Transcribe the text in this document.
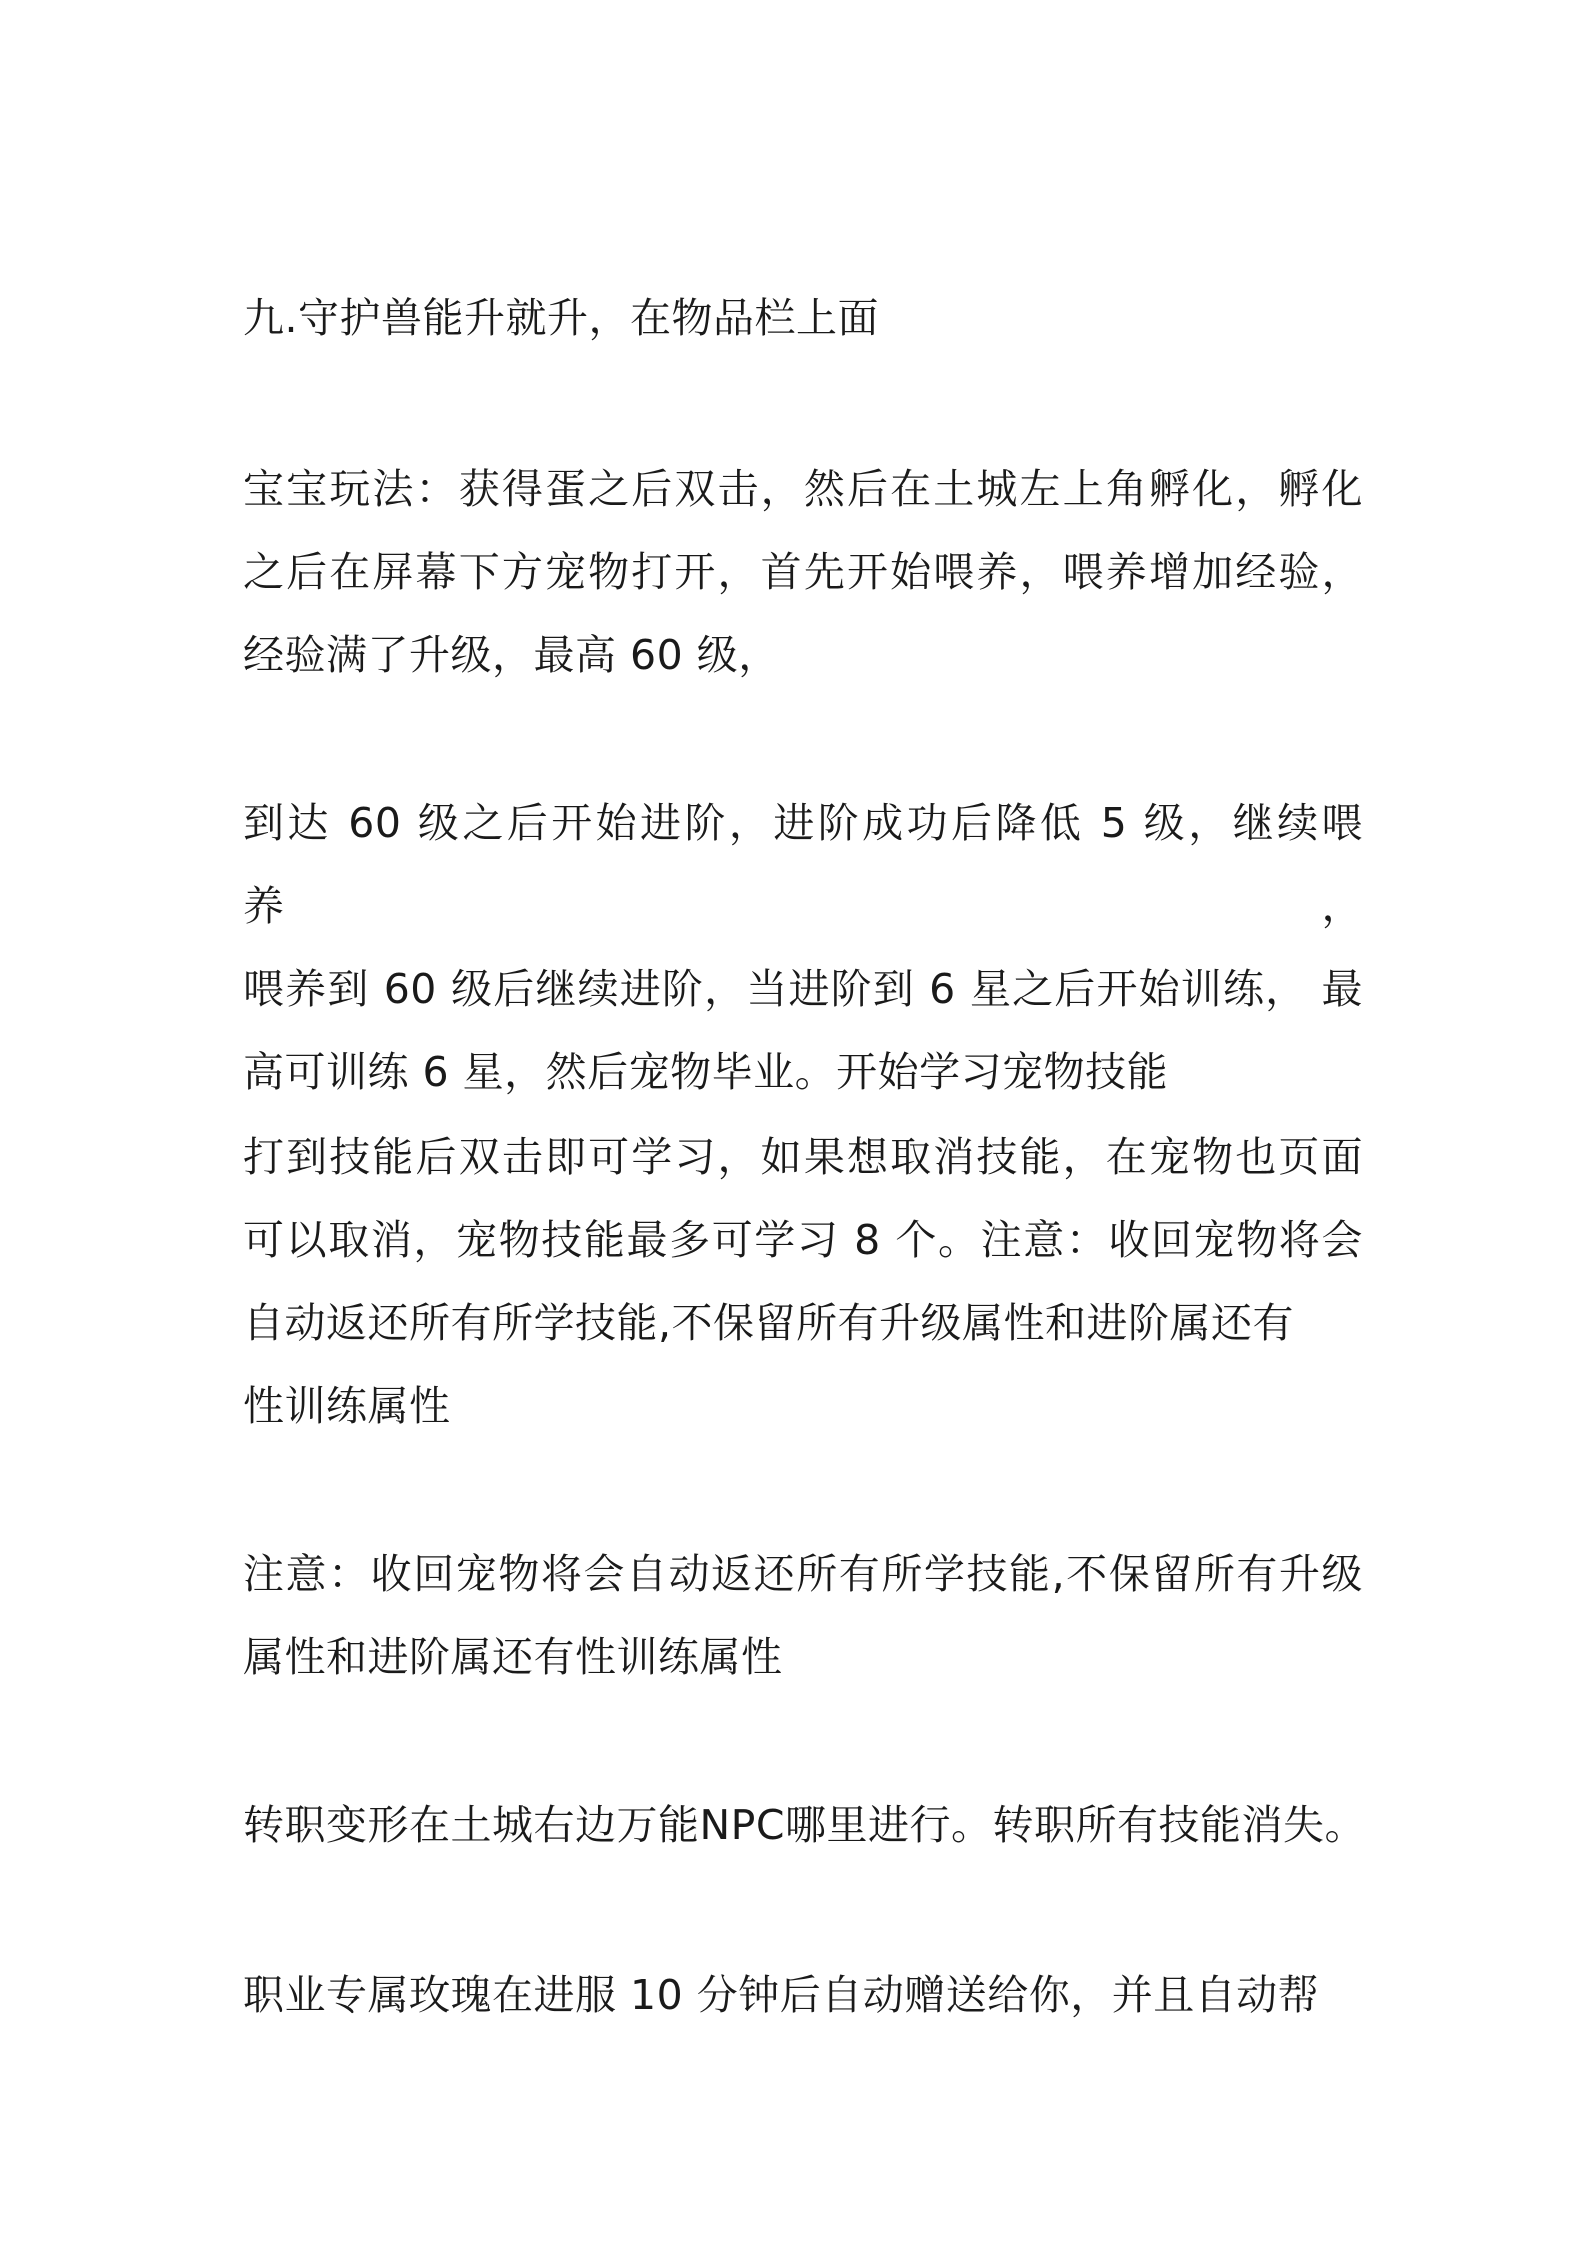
九.守护兽能升就升，在物品栏上面

宝宝玩法：获得蛋之后双击，然后在土城左上角孵化，孵化
之后在屏幕下方宠物打开，首先开始喂养，喂养增加经验，
经验满了升级，最高 60 级，

到达 60 级之后开始进阶，进阶成功后降低 5 级，继续喂养，
喂养到 60 级后继续进阶，当进阶到 6 星之后开始训练， 最
高可训练 6 星，然后宠物毕业。开始学习宠物技能

打到技能后双击即可学习，如果想取消技能，在宠物也页面
可以取消，宠物技能最多可学习 8 个。注意：收回宠物将会
自动返还所有所学技能,不保留所有升级属性和进阶属还有
性训练属性

注意：收回宠物将会自动返还所有所学技能,不保留所有升级
属性和进阶属还有性训练属性

转职变形在土城右边万能NPC哪里进行。转职所有技能消失。

职业专属玫瑰在进服 10 分钟后自动赠送给你，并且自动帮
